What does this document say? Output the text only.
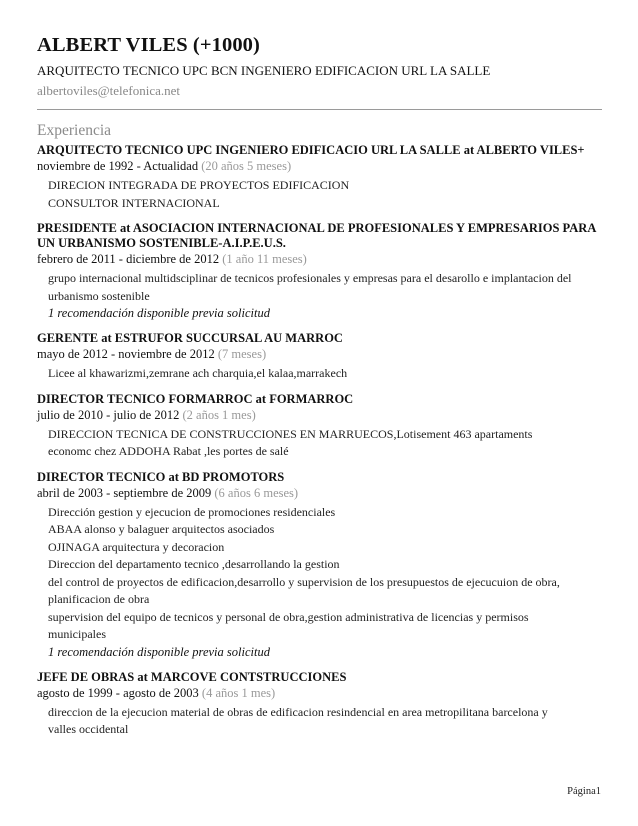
ALBERT VILES (+1000)
ARQUITECTO TECNICO UPC BCN INGENIERO EDIFICACION URL LA SALLE
albertoviles@telefonica.net
Experiencia
ARQUITECTO TECNICO UPC INGENIERO EDIFICACIO URL LA SALLE at ALBERTO VILES+
noviembre de 1992 - Actualidad (20 años 5 meses)
DIRECION INTEGRADA DE PROYECTOS EDIFICACION
CONSULTOR INTERNACIONAL
PRESIDENTE at ASOCIACION INTERNACIONAL DE PROFESIONALES Y EMPRESARIOS PARA UN URBANISMO SOSTENIBLE-A.I.P.E.U.S.
febrero de 2011 - diciembre de 2012 (1 año 11 meses)
grupo internacional multidsciplinar de tecnicos profesionales y empresas para el desarollo e implantacion del
urbanismo sostenible
1 recomendación disponible previa solicitud
GERENTE at ESTRUFOR SUCCURSAL AU MARROC
mayo de 2012 - noviembre de 2012 (7 meses)
Licee al khawarizmi,zemrane ach charquia,el kalaa,marrakech
DIRECTOR TECNICO FORMARROC at FORMARROC
julio de 2010 - julio de 2012 (2 años 1 mes)
DIRECCION TECNICA DE CONSTRUCCIONES EN MARRUECOS,Lotisement 463 apartaments
economc chez ADDOHA Rabat ,les portes de salé
DIRECTOR TECNICO at BD PROMOTORS
abril de 2003 - septiembre de 2009 (6 años 6 meses)
Dirección gestion y ejecucion de promociones residenciales
ABAA alonso y balaguer arquitectos asociados
OJINAGA arquitectura y decoracion
Direccion del departamento tecnico ,desarrollando la gestion
del control de proyectos de edificacion,desarrollo y supervision de los presupuestos de ejecucuion de obra,
planificacion de obra
supervision del equipo de tecnicos y personal de obra,gestion administrativa de licencias y permisos
municipales
1 recomendación disponible previa solicitud
JEFE DE OBRAS at MARCOVE CONTSTRUCCIONES
agosto de 1999 - agosto de 2003 (4 años 1 mes)
direccion de la ejecucion material de obras de edificacion resindencial en area metropilitana barcelona y
valles occidental
Página1
